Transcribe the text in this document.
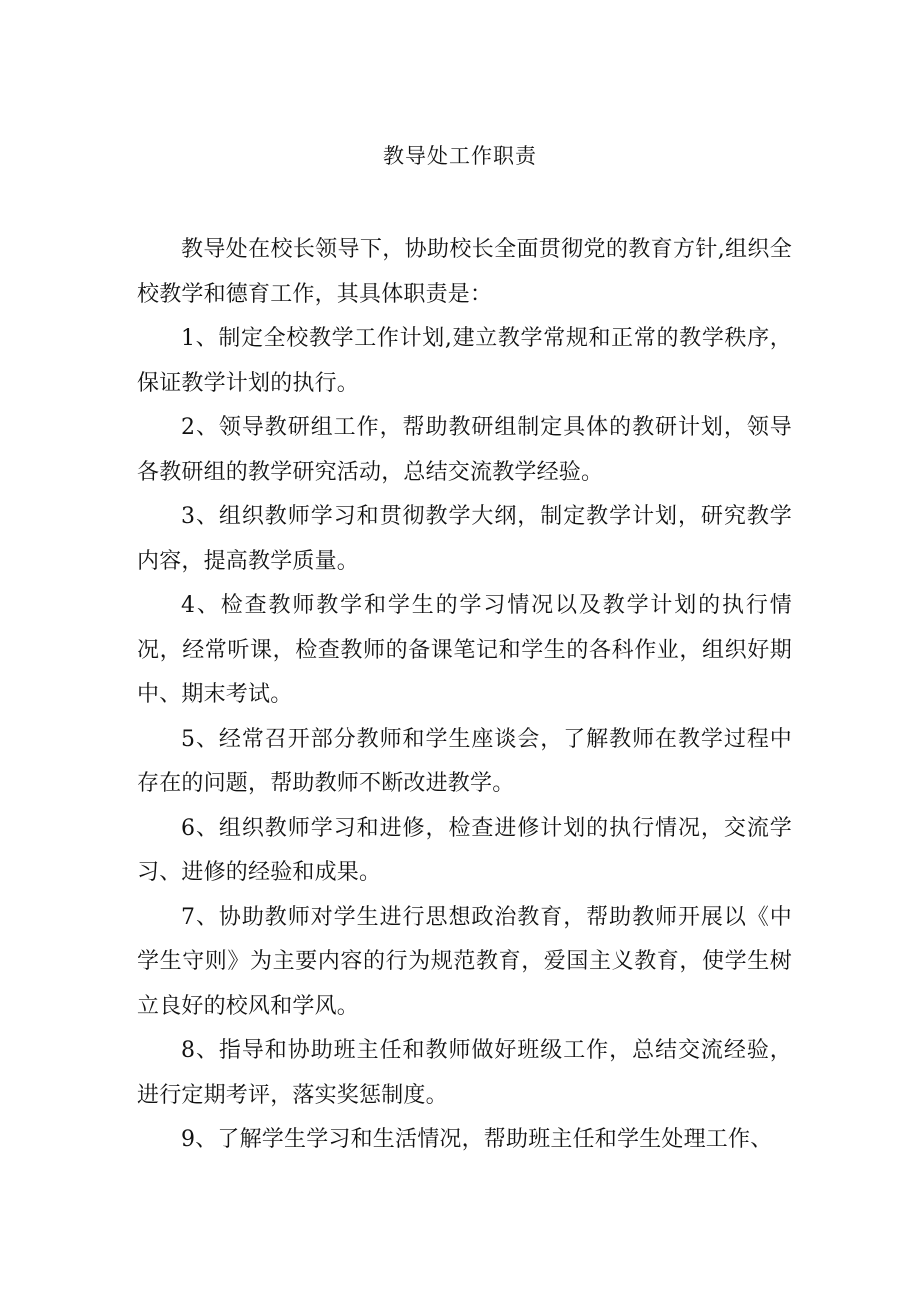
教导处工作职责

教导处在校长领导下，协助校长全面贯彻党的教育方针,组织全校教学和德育工作，其具体职责是：

1、制定全校教学工作计划,建立教学常规和正常的教学秩序，保证教学计划的执行。

2、领导教研组工作，帮助教研组制定具体的教研计划，领导各教研组的教学研究活动，总结交流教学经验。

3、组织教师学习和贯彻教学大纲，制定教学计划，研究教学内容，提高教学质量。

4、检查教师教学和学生的学习情况以及教学计划的执行情况，经常听课，检查教师的备课笔记和学生的各科作业，组织好期中、期末考试。

5、经常召开部分教师和学生座谈会，了解教师在教学过程中存在的问题，帮助教师不断改进教学。

6、组织教师学习和进修，检查进修计划的执行情况，交流学习、进修的经验和成果。

7、协助教师对学生进行思想政治教育，帮助教师开展以《中学生守则》为主要内容的行为规范教育，爱国主义教育，使学生树立良好的校风和学风。

8、指导和协助班主任和教师做好班级工作，总结交流经验，进行定期考评，落实奖惩制度。

9、了解学生学习和生活情况，帮助班主任和学生处理工作、
